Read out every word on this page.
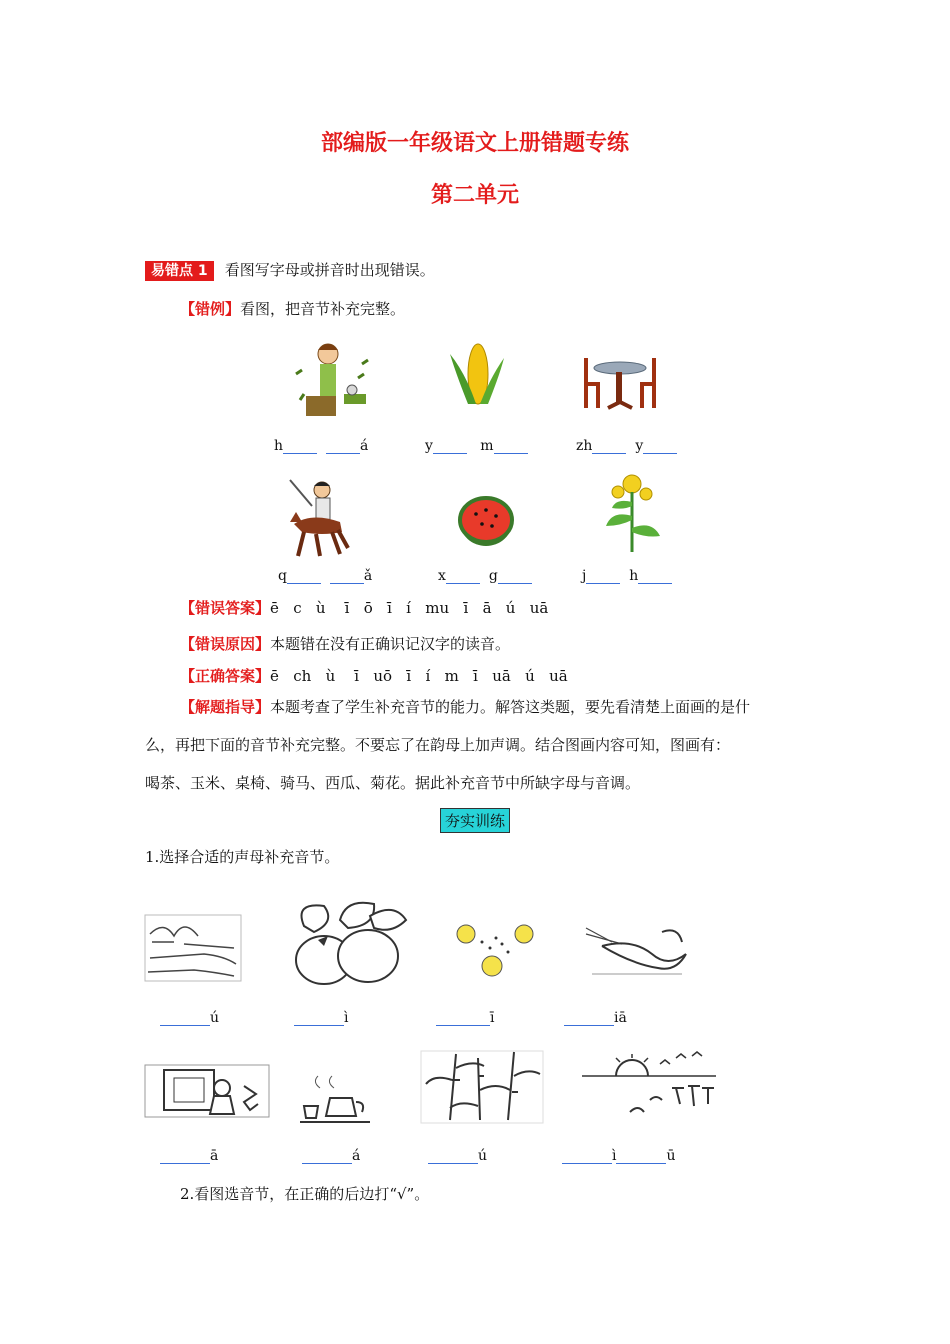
部编版一年级语文上册错题专练
第二单元
易错点 1 看图写字母或拼音时出现错误。
【错例】看图，把音节补充完整。
h	á	y	m	zh	y
q	ǎ	x	g	j	h
【错误答案】ē   c   ù    ī   ō   ī   í   mu   ī   ā   ú   uā
【错误原因】本题错在没有正确识记汉字的读音。
【正确答案】ē   ch   ù    ī   uō   ī   í   m   ī   uā   ú   uā
【解题指导】本题考查了学生补充音节的能力。解答这类题，要先看清楚上面画的是什
么，再把下面的音节补充完整。不要忘了在韵母上加声调。结合图画内容可知，图画有：
喝茶、玉米、桌椅、骑马、西瓜、菊花。据此补充音节中所缺字母与音调。
夯实训练
1.选择合适的声母补充音节。
ú	ì	ī	iā
ā	á	ú	ì	ū
2.看图选音节，在正确的后边打“√”。
